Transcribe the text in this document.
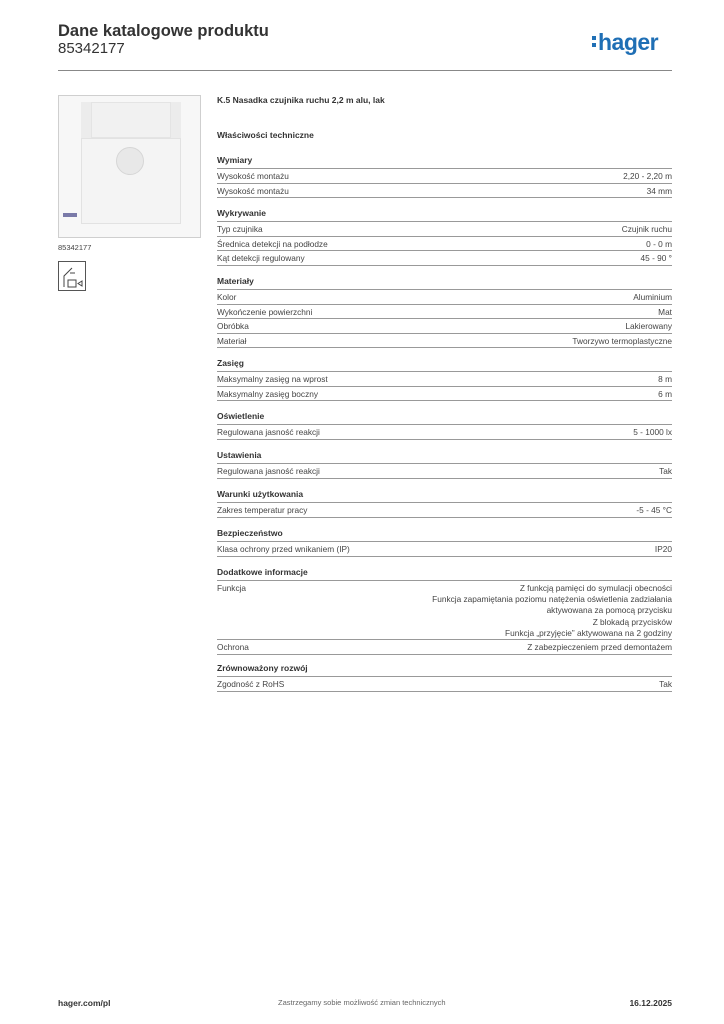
Dane katalogowe produktu
85342177	hager
85342177
K.5 Nasadka czujnika ruchu 2,2 m alu, lak
Właściwości techniczne
Wymiary
Wysokość montażu	2,20 - 2,20 m
Wysokość montażu	34 mm
Wykrywanie
Typ czujnika	Czujnik ruchu
Średnica detekcji na podłodze	0 - 0 m
Kąt detekcji regulowany	45 - 90 °
Materiały
Kolor	Aluminium
Wykończenie powierzchni	Mat
Obróbka	Lakierowany
Materiał	Tworzywo termoplastyczne
Zasięg
Maksymalny zasięg na wprost	8 m
Maksymalny zasięg boczny	6 m
Oświetlenie
Regulowana jasność reakcji	5 - 1000 lx
Ustawienia
Regulowana jasność reakcji	Tak
Warunki użytkowania
Zakres temperatur pracy	-5 - 45 °C
Bezpieczeństwo
Klasa ochrony przed wnikaniem (IP)	IP20
Dodatkowe informacje
Funkcja	Z funkcją pamięci do symulacji obecności
Funkcja zapamiętania poziomu natężenia oświetlenia zadziałania
aktywowana za pomocą przycisku
Z blokadą przycisków
Funkcja „przyjęcie” aktywowana na 2 godziny
Ochrona	Z zabezpieczeniem przed demontażem
Zrównoważony rozwój
Zgodność z RoHS	Tak
hager.com/pl	Zastrzegamy sobie możliwość zmian technicznych	16.12.2025
